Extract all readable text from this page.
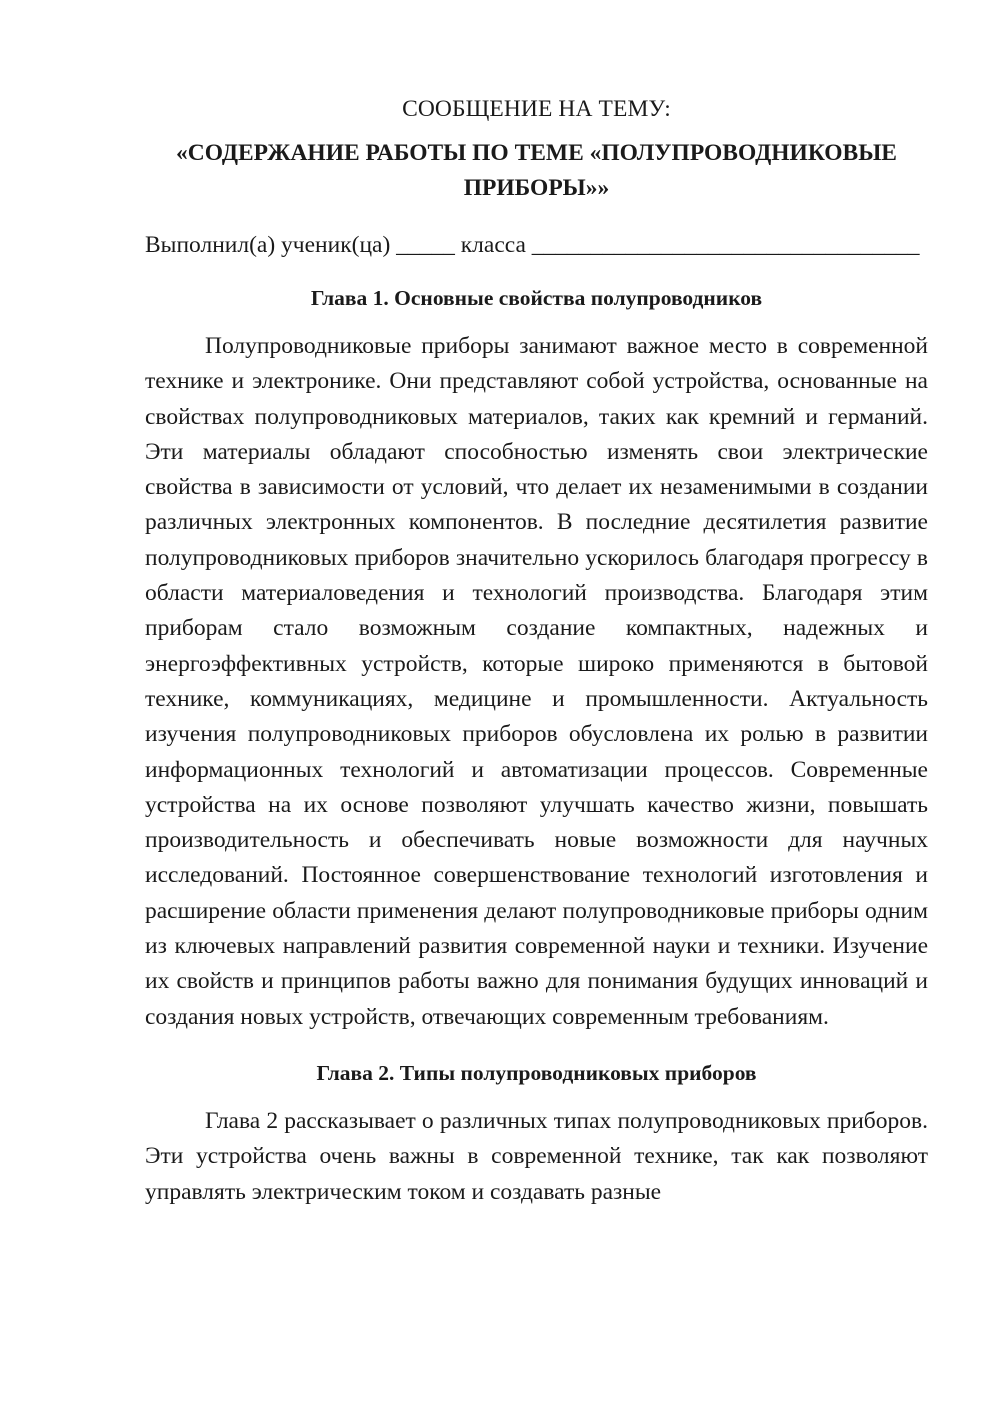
СООБЩЕНИЕ НА ТЕМУ:

«СОДЕРЖАНИЕ РАБОТЫ ПО ТЕМЕ «ПОЛУПРОВОДНИКОВЫЕ ПРИБОРЫ»»

Выполнил(а) ученик(ца) _____ класса _________________________________

Глава 1. Основные свойства полупроводников

Полупроводниковые приборы занимают важное место в современной технике и электронике. Они представляют собой устройства, основанные на свойствах полупроводниковых материалов, таких как кремний и германий. Эти материалы обладают способностью изменять свои электрические свойства в зависимости от условий, что делает их незаменимыми в создании различных электронных компонентов. В последние десятилетия развитие полупроводниковых приборов значительно ускорилось благодаря прогрессу в области материаловедения и технологий производства. Благодаря этим приборам стало возможным создание компактных, надежных и энергоэффективных устройств, которые широко применяются в бытовой технике, коммуникациях, медицине и промышленности. Актуальность изучения полупроводниковых приборов обусловлена их ролью в развитии информационных технологий и автоматизации процессов. Современные устройства на их основе позволяют улучшать качество жизни, повышать производительность и обеспечивать новые возможности для научных исследований. Постоянное совершенствование технологий изготовления и расширение области применения делают полупроводниковые приборы одним из ключевых направлений развития современной науки и техники. Изучение их свойств и принципов работы важно для понимания будущих инноваций и создания новых устройств, отвечающих современным требованиям.

Глава 2. Типы полупроводниковых приборов

Глава 2 рассказывает о различных типах полупроводниковых приборов. Эти устройства очень важны в современной технике, так как позволяют управлять электрическим током и создавать разные
